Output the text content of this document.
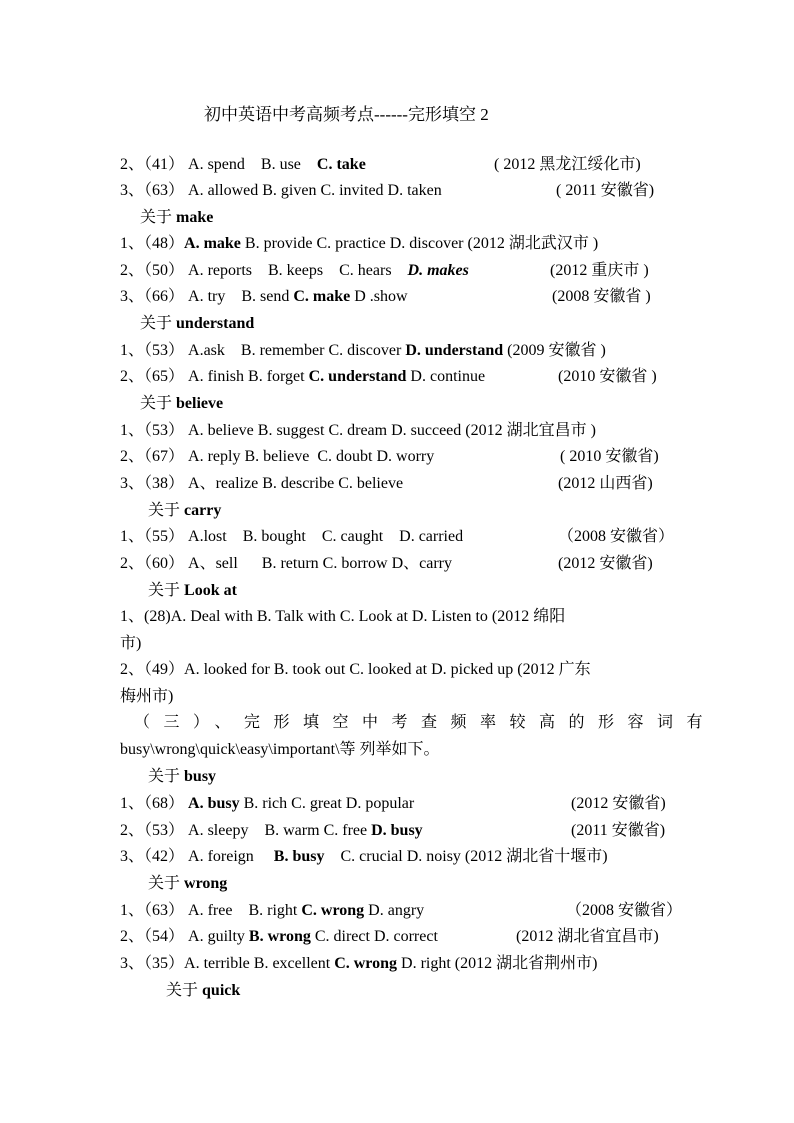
初中英语中考高频考点------完形填空 2
2、（41） A. spend B. use C. take	( 2012 黑龙江绥化市)
3、（63） A. allowed B. given C. invited D. taken	( 2011 安徽省)
关于 make
1、（48）A. make B. provide C. practice D. discover (2012 湖北武汉市 )
2、（50） A. reports B. keeps C. hears D. makes	(2012 重庆市 )
3、（66） A. try B. send C. make D .show	(2008 安徽省 )
关于 understand
1、（53） A.ask B. remember C. discover D. understand (2009 安徽省 )
2、（65） A. finish B. forget C. understand D. continue	(2010 安徽省 )
关于 believe
1、（53） A. believe B. suggest C. dream D. succeed (2012 湖北宜昌市 )
2、（67） A. reply B. believe C. doubt D. worry	( 2010 安徽省)
3、（38） A、realize B. describe C. believe	(2012 山西省)
关于 carry
1、（55） A.lost B. bought C. caught D. carried	（2008 安徽省）
2、（60） A、sell B. return C. borrow D、carry	(2012 安徽省)
关于 Look at
1、(28)A. Deal with B. Talk with C. Look at D. Listen to (2012 绵阳
市)
2、（49）A. looked for B. took out C. looked at D. picked up (2012 广东
梅州市)
（三）、完形填空中考查频率较高的形容词有
busy\wrong\quick\easy\important\等 列举如下。
关于 busy
1、（68） A. busy B. rich C. great D. popular	(2012 安徽省)
2、（53） A. sleepy B. warm C. free D. busy	(2011 安徽省)
3、（42） A. foreign B. busy C. crucial D. noisy (2012 湖北省十堰市)
关于 wrong
1、（63） A. free B. right C. wrong D. angry	（2008 安徽省）
2、（54） A. guilty B. wrong C. direct D. correct	(2012 湖北省宜昌市)
3、（35）A. terrible B. excellent C. wrong D. right (2012 湖北省荆州市)
关于 quick
